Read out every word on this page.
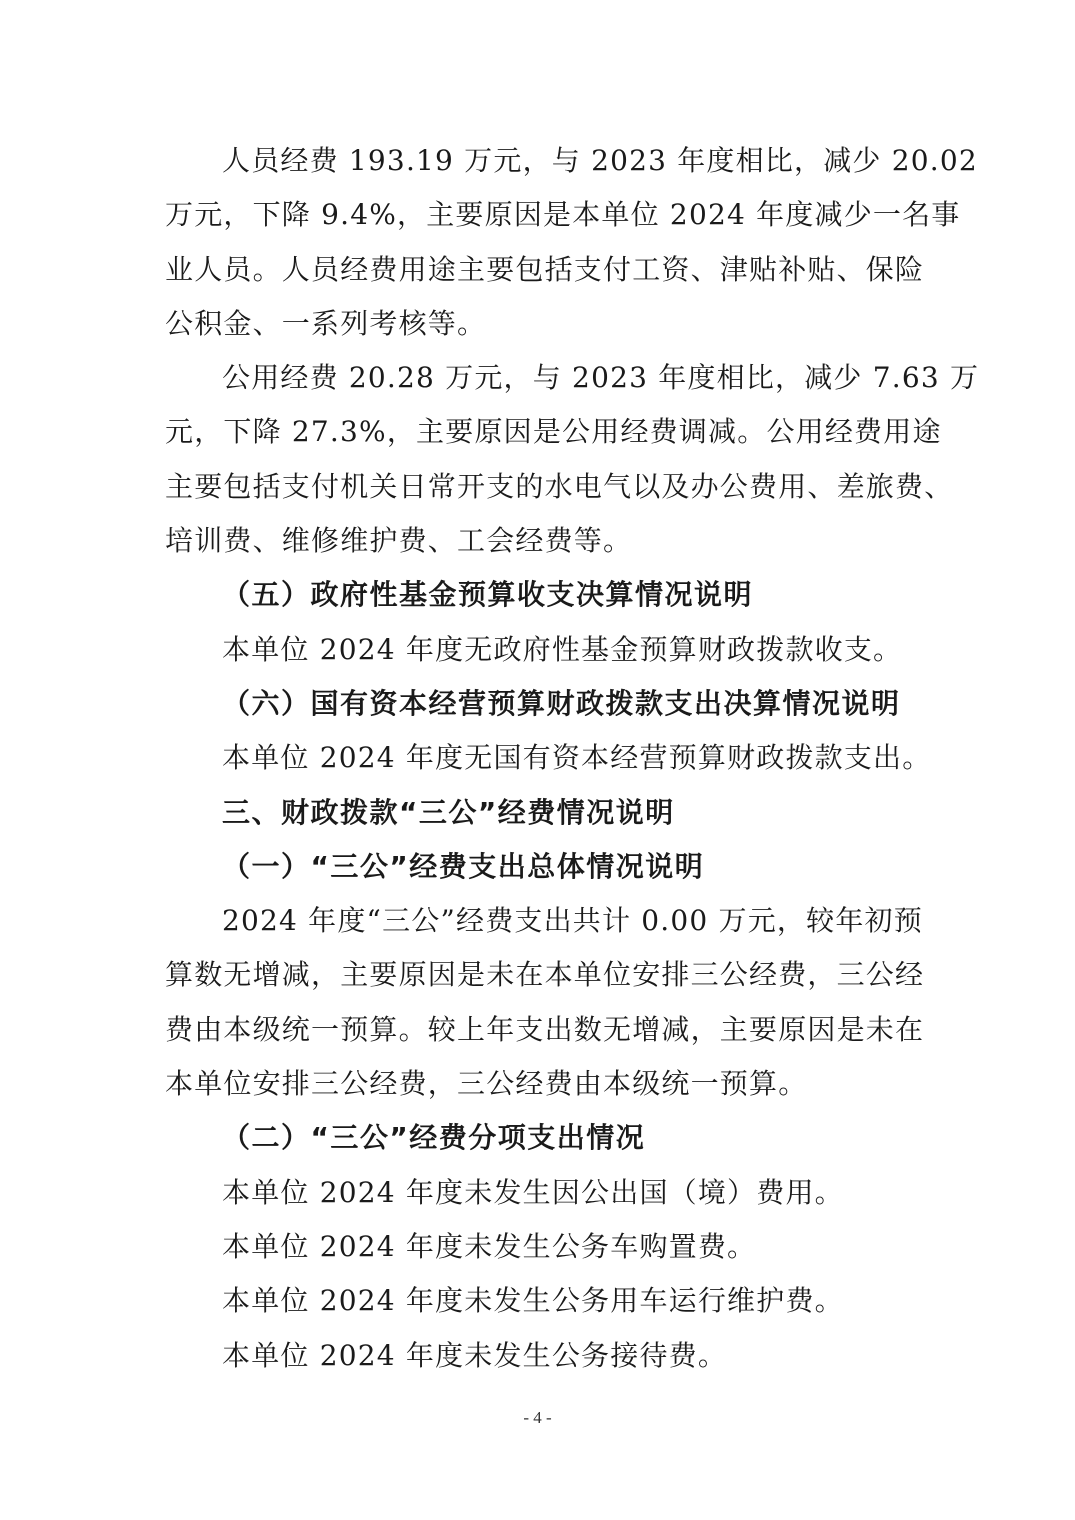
人员经费 193.19 万元，与 2023 年度相比，减少 20.02
万元，下降 9.4%，主要原因是本单位 2024 年度减少一名事
业人员。人员经费用途主要包括支付工资、津贴补贴、保险
公积金、一系列考核等。
公用经费 20.28 万元，与 2023 年度相比，减少 7.63 万
元，下降 27.3%，主要原因是公用经费调减。公用经费用途
主要包括支付机关日常开支的水电气以及办公费用、差旅费、
培训费、维修维护费、工会经费等。
（五）政府性基金预算收支决算情况说明
本单位 2024 年度无政府性基金预算财政拨款收支。
（六）国有资本经营预算财政拨款支出决算情况说明
本单位 2024 年度无国有资本经营预算财政拨款支出。
三、财政拨款“三公”经费情况说明
（一）“三公”经费支出总体情况说明
2024 年度“三公”经费支出共计 0.00 万元，较年初预
算数无增减，主要原因是未在本单位安排三公经费，三公经
费由本级统一预算。较上年支出数无增减，主要原因是未在
本单位安排三公经费，三公经费由本级统一预算。
（二）“三公”经费分项支出情况
本单位 2024 年度未发生因公出国（境）费用。
本单位 2024 年度未发生公务车购置费。
本单位 2024 年度未发生公务用车运行维护费。
本单位 2024 年度未发生公务接待费。
- 4 -
